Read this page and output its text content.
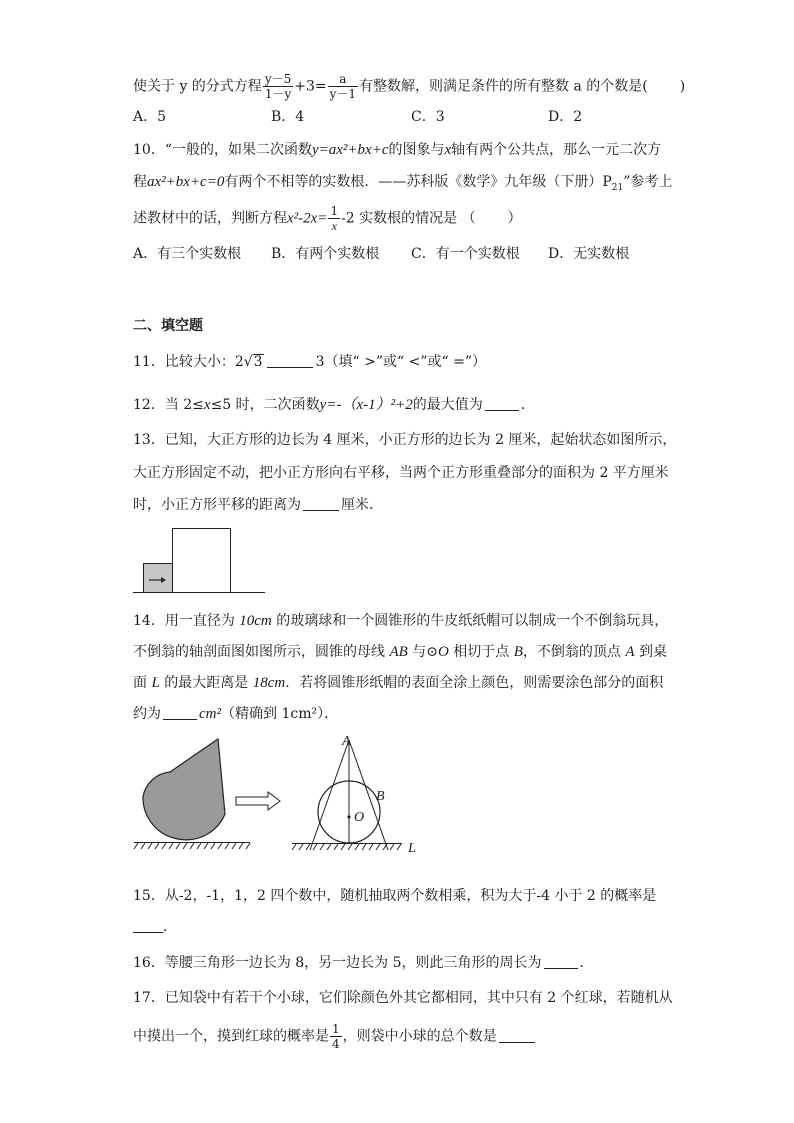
使关于 y 的分式方程 $\frac{y-5}{1-y} +3= \frac{a}{y-1}$ 有整数解，则满足条件的所有整数 a 的个数是( )
A．5	B．4	C．3	D．2
10．“一般的，如果二次函数y=ax²+bx+c的图象与x轴有两个公共点，那么一元二次方
程ax²+bx+c=0有两个不相等的实数根．——苏科版《数学》九年级（下册）$P_{21}$”参考上
述教材中的话，判断方程$x^2-2x= \frac{1}{x} -2$ 实数根的情况是 （ ）
A．有三个实数根 B．有两个实数根 C．有一个实数根 D．无实数根
二、填空题
11．比较大小：2√3	3（填“ >”或“ <”或“ =”）
12．当 2≤x≤5 时，二次函数y=-（x-1）²+2的最大值为	．
13．已知，大正方形的边长为 4 厘米，小正方形的边长为 2 厘米，起始状态如图所示，
大正方形固定不动，把小正方形向右平移，当两个正方形重叠部分的面积为 2 平方厘米
时，小正方形平移的距离为	厘米．
14．用一直径为 10cm 的玻璃球和一个圆锥形的牛皮纸纸帽可以制成一个不倒翁玩具，
不倒翁的轴剖面图如图所示，圆锥的母线 AB 与⊙O 相切于点 B，不倒翁的顶点 A 到桌
面 L 的最大距离是 18cm．若将圆锥形纸帽的表面全涂上颜色，则需要涂色部分的面积
约为	cm²（精确到 1cm²）．
A
B
O
L
15．从-2，-1，1，2 四个数中，随机抽取两个数相乘，积为大于-4 小于 2 的概率是
．
16．等腰三角形一边长为 8，另一边长为 5，则此三角形的周长为	．
17．已知袋中有若干个小球，它们除颜色外其它都相同，其中只有 2 个红球，若随机从
中摸出一个，摸到红球的概率是 $\frac{1}{4}$ ，则袋中小球的总个数是
